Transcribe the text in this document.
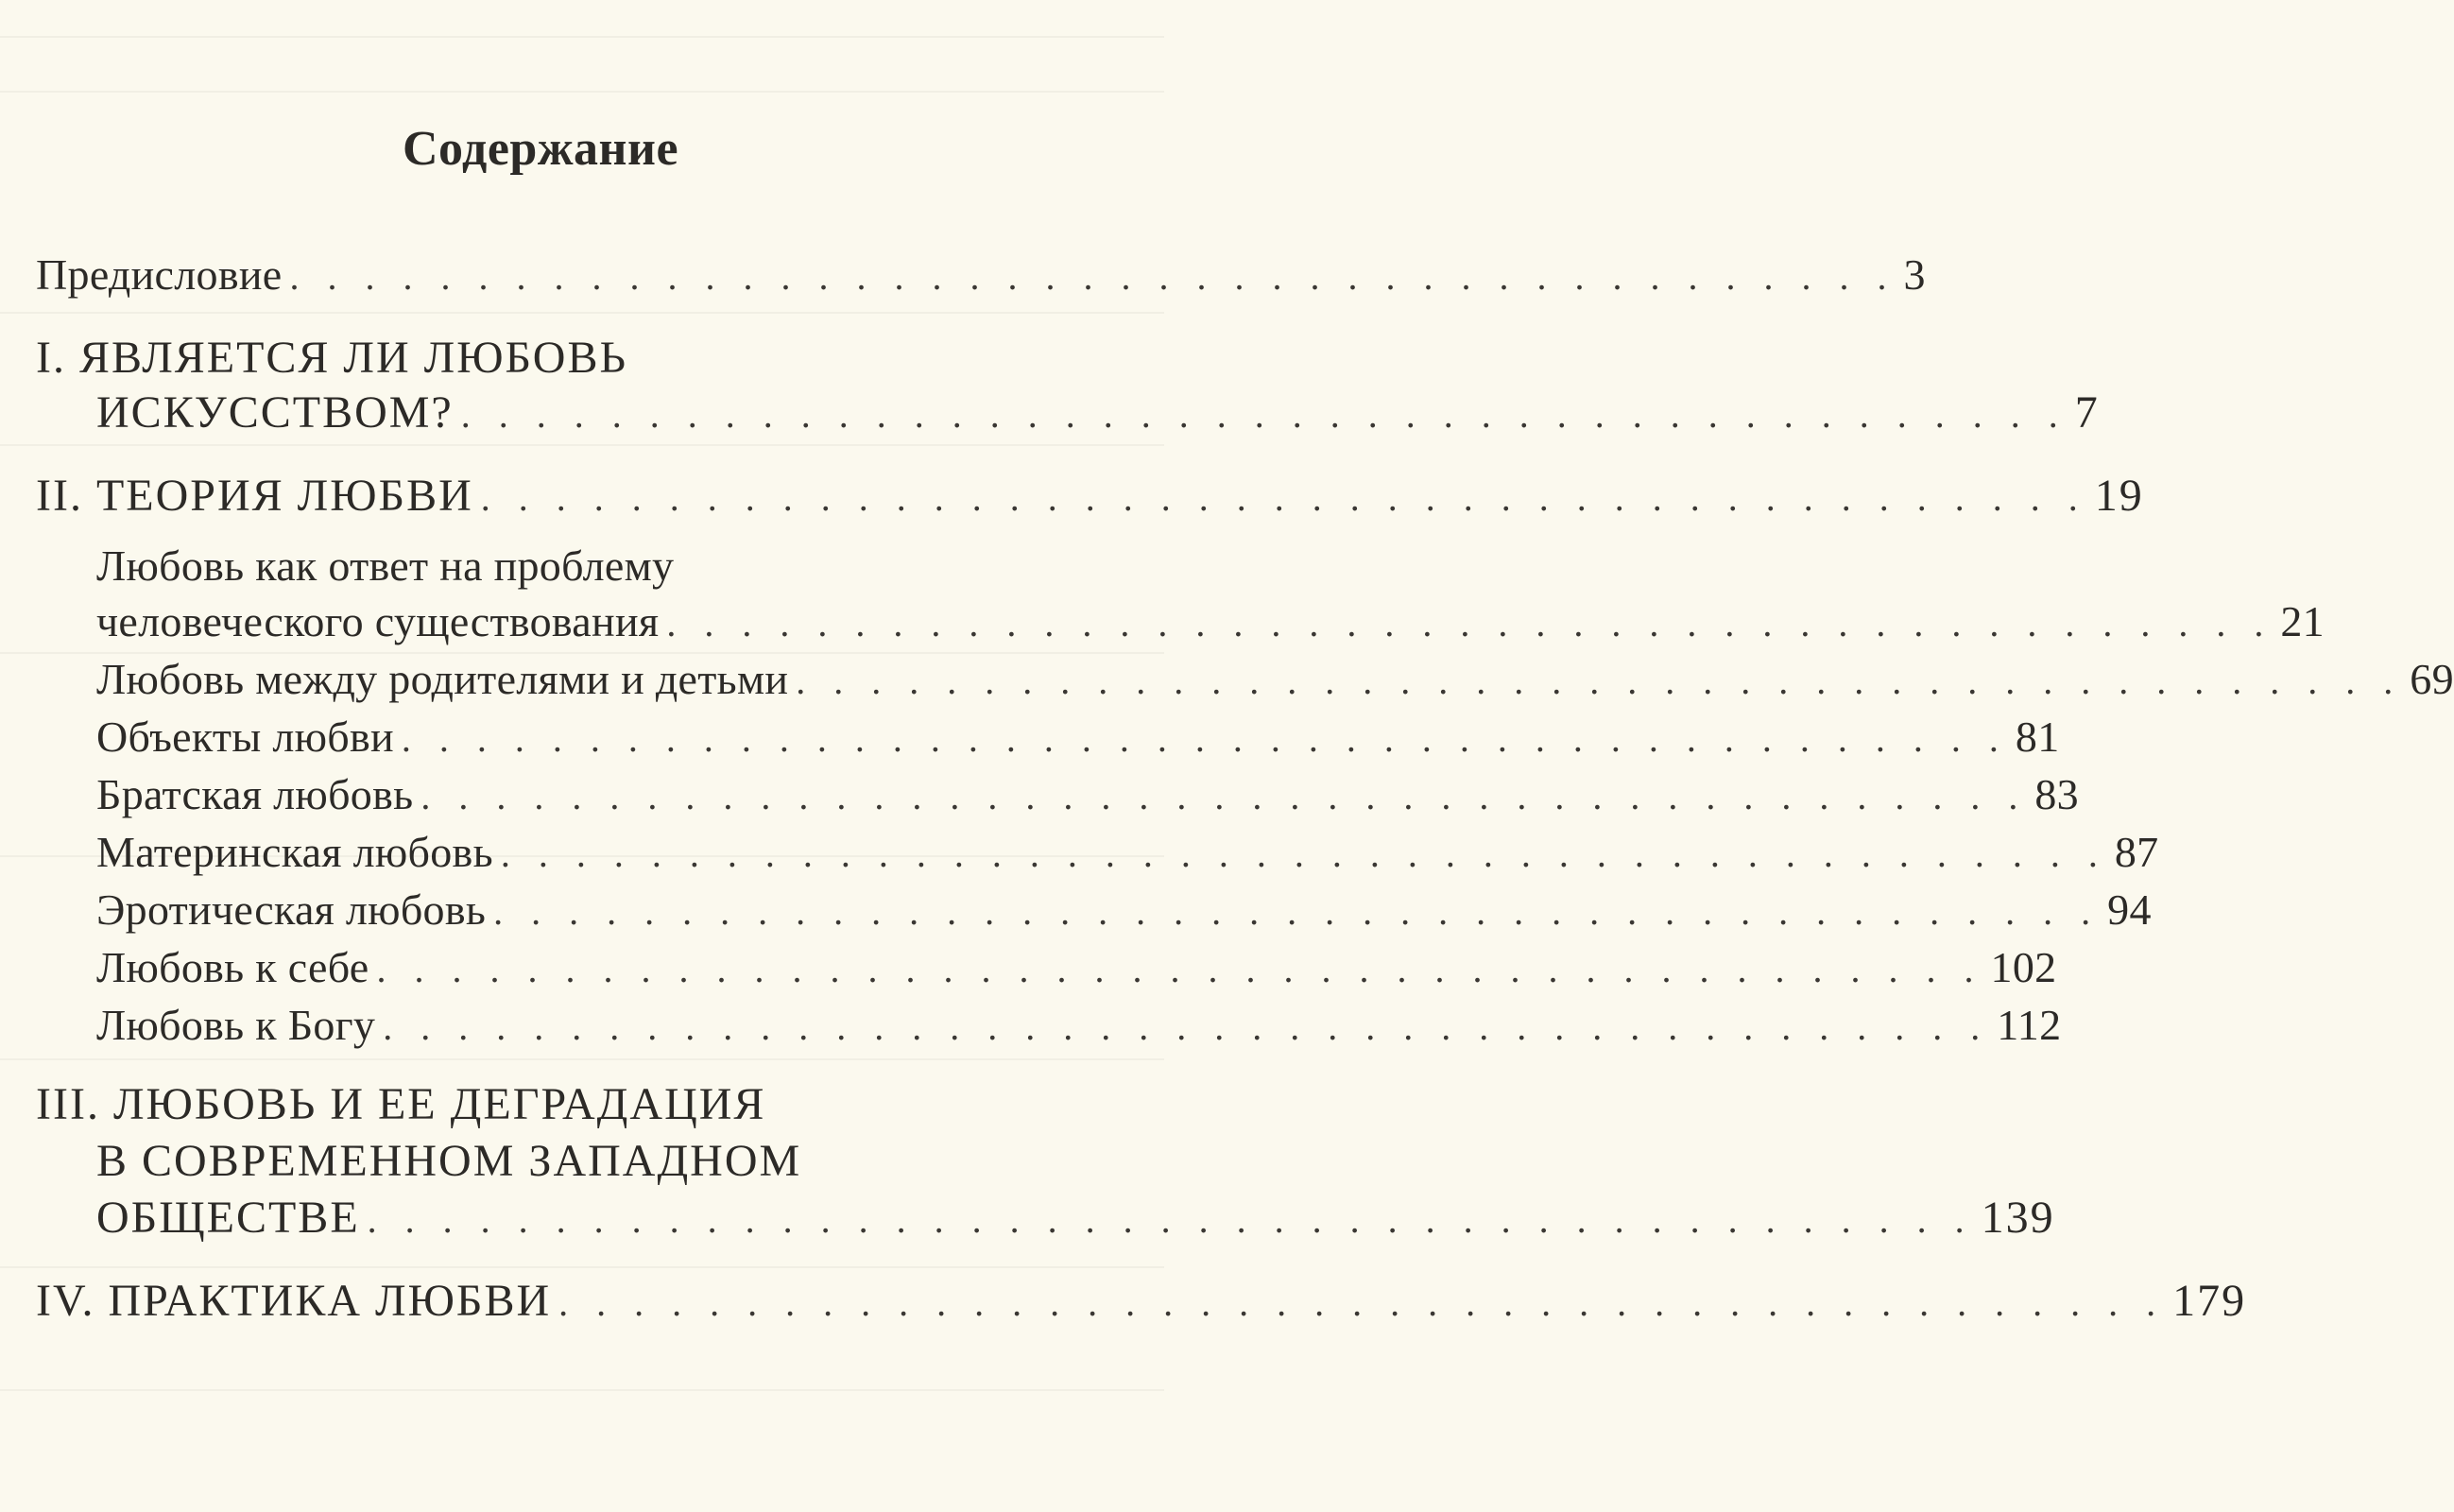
Содержание
Предисловие . . . . . . . . . . . . . . . . . . . . . . . . . . . . . . . . . . . . . . . . . . . 3
I. ЯВЛЯЕТСЯ ЛИ ЛЮБОВЬ
ИСКУССТВОМ? . . . . . . . . . . . . . . . . . . . . . . . . . . . . . . . . . . . . . . . . . . . 7
II. ТЕОРИЯ ЛЮБВИ . . . . . . . . . . . . . . . . . . . . . . . . . . . . . . . . . . . . . . . . . . . 19
Любовь как ответ на проблему
человеческого существования . . . . . . . . . . . . . . . . . . . . . . . . . . . . . . . . . . . . . . . . . . . 21
Любовь между родителями и детьми . . . . . . . . . . . . . . . . . . . . . . . . . . . . . . . . . . . . . . . . . . . 69
Объекты любви . . . . . . . . . . . . . . . . . . . . . . . . . . . . . . . . . . . . . . . . . . . 81
Братская любовь . . . . . . . . . . . . . . . . . . . . . . . . . . . . . . . . . . . . . . . . . . . 83
Материнская любовь . . . . . . . . . . . . . . . . . . . . . . . . . . . . . . . . . . . . . . . . . . . 87
Эротическая любовь . . . . . . . . . . . . . . . . . . . . . . . . . . . . . . . . . . . . . . . . . . . 94
Любовь к себе . . . . . . . . . . . . . . . . . . . . . . . . . . . . . . . . . . . . . . . . . . . 102
Любовь к Богу . . . . . . . . . . . . . . . . . . . . . . . . . . . . . . . . . . . . . . . . . . . 112
III. ЛЮБОВЬ И ЕЕ ДЕГРАДАЦИЯ
В СОВРЕМЕННОМ ЗАПАДНОМ
ОБЩЕСТВЕ . . . . . . . . . . . . . . . . . . . . . . . . . . . . . . . . . . . . . . . . . . . 139
IV. ПРАКТИКА ЛЮБВИ . . . . . . . . . . . . . . . . . . . . . . . . . . . . . . . . . . . . . . . . . . . 179
